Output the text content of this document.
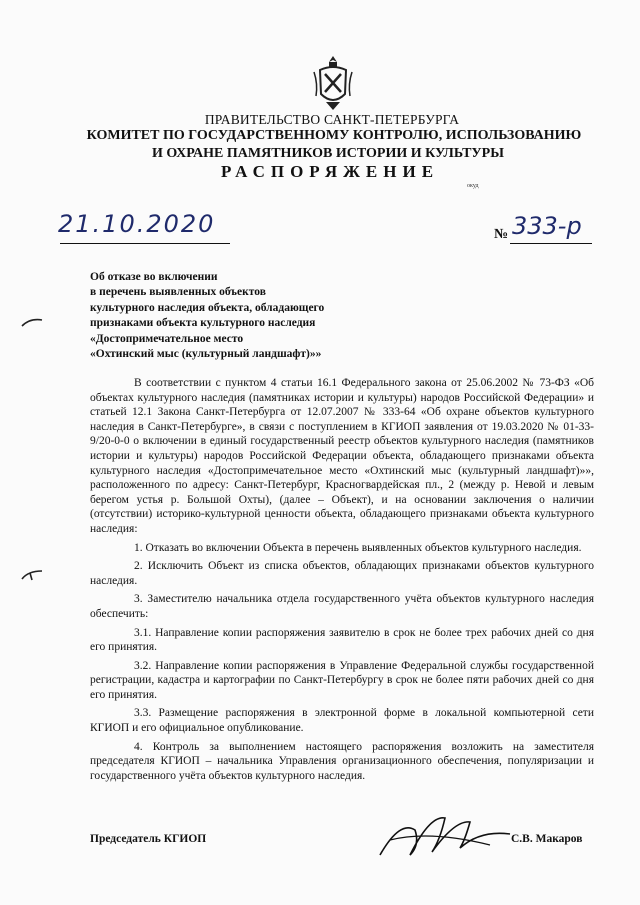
ПРАВИТЕЛЬСТВО САНКТ-ПЕТЕРБУРГА
КОМИТЕТ ПО ГОСУДАРСТВЕННОМУ КОНТРОЛЮ, ИСПОЛЬЗОВАНИЮ
И ОХРАНЕ ПАМЯТНИКОВ ИСТОРИИ И КУЛЬТУРЫ
РАСПОРЯЖЕНИЕ
окуд
21.10.2020	№ 333-р
Об отказе во включении
в перечень выявленных объектов
культурного наследия объекта, обладающего
признаками объекта культурного наследия
«Достопримечательное место
«Охтинский мыс (культурный ландшафт)»»

В соответствии с пунктом 4 статьи 16.1 Федерального закона от 25.06.2002 № 73-ФЗ «Об объектах культурного наследия (памятниках истории и культуры) народов Российской Федерации» и статьей 12.1 Закона Санкт-Петербурга от 12.07.2007 № 333-64 «Об охране объектов культурного наследия в Санкт-Петербурге», в связи с поступлением в КГИОП заявления от 19.03.2020 № 01-33-9/20-0-0 о включении в единый государственный реестр объектов культурного наследия (памятников истории и культуры) народов Российской Федерации объекта, обладающего признаками объекта культурного наследия «Достопримечательное место «Охтинский мыс (культурный ландшафт)»», расположенного по адресу: Санкт-Петербург, Красногвардейская пл., 2 (между р. Невой и левым берегом устья р. Большой Охты), (далее – Объект), и на основании заключения о наличии (отсутствии) историко-культурной ценности объекта, обладающего признаками объекта культурного наследия:

1. Отказать во включении Объекта в перечень выявленных объектов культурного наследия.

2. Исключить Объект из списка объектов, обладающих признаками объектов культурного наследия.

3. Заместителю начальника отдела государственного учёта объектов культурного наследия обеспечить:

3.1. Направление копии распоряжения заявителю в срок не более трех рабочих дней со дня его принятия.

3.2. Направление копии распоряжения в Управление Федеральной службы государственной регистрации, кадастра и картографии по Санкт-Петербургу в срок не более пяти рабочих дней со дня его принятия.

3.3. Размещение распоряжения в электронной форме в локальной компьютерной сети КГИОП и его официальное опубликование.

4. Контроль за выполнением настоящего распоряжения возложить на заместителя председателя КГИОП – начальника Управления организационного обеспечения, популяризации и государственного учёта объектов культурного наследия.

Председатель КГИОП	С.В. Макаров
